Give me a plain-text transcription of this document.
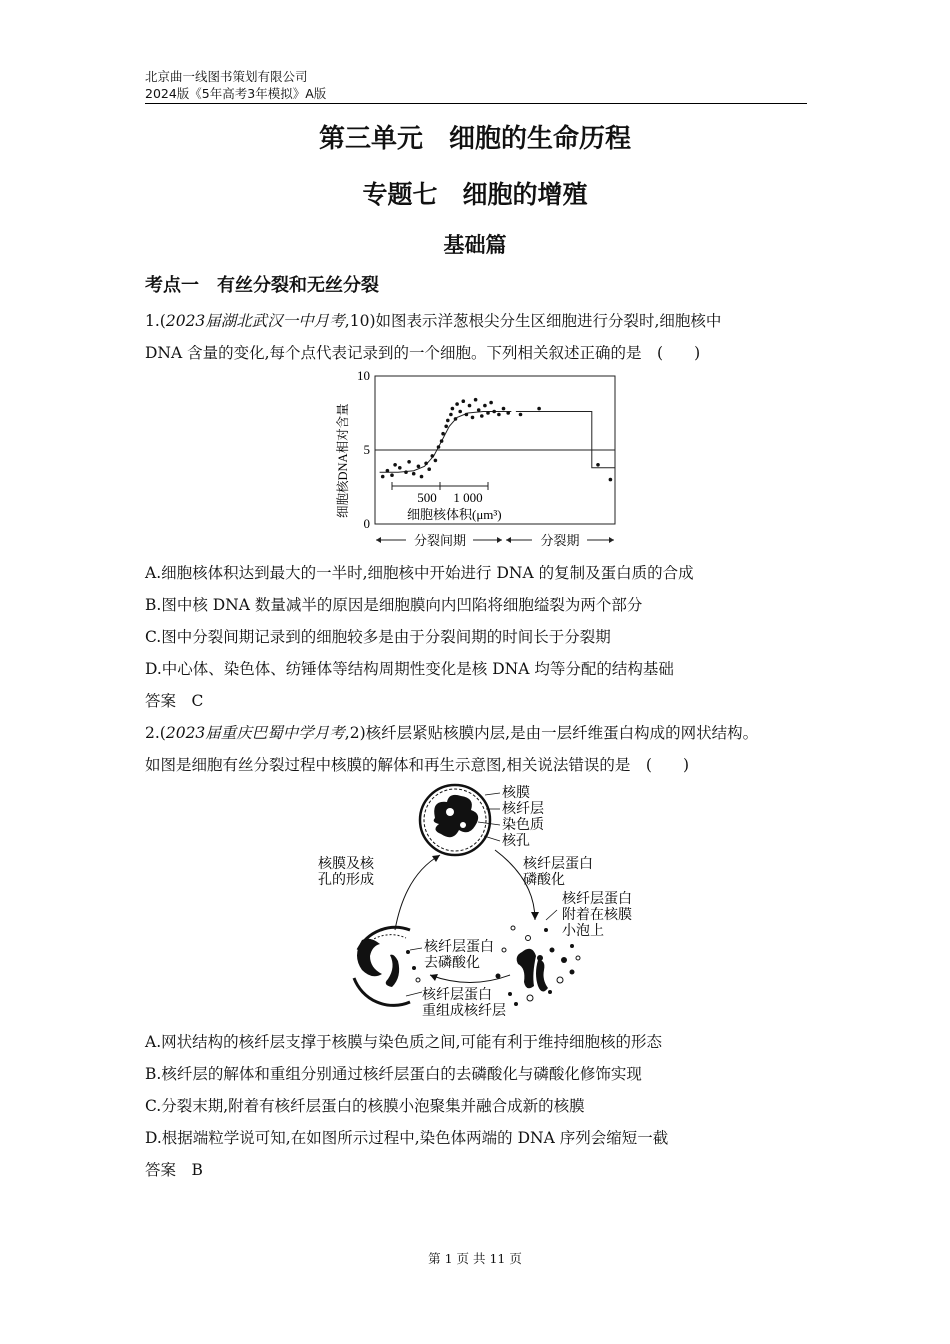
北京曲一线图书策划有限公司
2024版《5年高考3年模拟》A版
第三单元　细胞的生命历程
专题七　细胞的增殖
基础篇
考点一　有丝分裂和无丝分裂
1.(2023届湖北武汉一中月考,10)如图表示洋葱根尖分生区细胞进行分裂时,细胞核中
DNA 含量的变化,每个点代表记录到的一个细胞。下列相关叙述正确的是　(　　)
10
5
0
细胞核DNA相对含量	500 1 000
细胞核体积(μm³)
分裂间期	分裂期
A.细胞核体积达到最大的一半时,细胞核中开始进行 DNA 的复制及蛋白质的合成
B.图中核 DNA 数量减半的原因是细胞膜向内凹陷将细胞缢裂为两个部分
C.图中分裂间期记录到的细胞较多是由于分裂间期的时间长于分裂期
D.中心体、染色体、纺锤体等结构周期性变化是核 DNA 均等分配的结构基础
答案　C
2.(2023届重庆巴蜀中学月考,2)核纤层紧贴核膜内层,是由一层纤维蛋白构成的网状结构。
如图是细胞有丝分裂过程中核膜的解体和再生示意图,相关说法错误的是　(　　)
核膜
核纤层
染色质
核孔
核膜及核
孔的形成
核纤层蛋白
磷酸化
核纤层蛋白
附着在核膜
小泡上
核纤层蛋白
去磷酸化
核纤层蛋白
重组成核纤层
A.网状结构的核纤层支撑于核膜与染色质之间,可能有利于维持细胞核的形态
B.核纤层的解体和重组分别通过核纤层蛋白的去磷酸化与磷酸化修饰实现
C.分裂末期,附着有核纤层蛋白的核膜小泡聚集并融合成新的核膜
D.根据端粒学说可知,在如图所示过程中,染色体两端的 DNA 序列会缩短一截
答案　B
第 1 页 共 11 页
